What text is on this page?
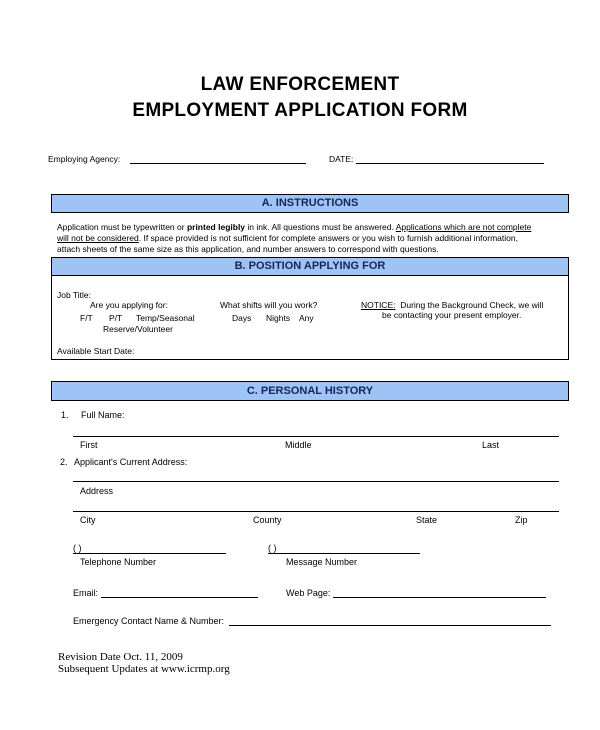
LAW ENFORCEMENT
EMPLOYMENT APPLICATION FORM
Employing Agency:	DATE:
A. INSTRUCTIONS
Application must be typewritten or printed legibly in ink. All questions must be answered. Applications which are not complete
will not be considered. If space provided is not sufficient for complete answers or you wish to furnish additional information,
attach sheets of the same size as this application, and number answers to correspond with questions.
B. POSITION APPLYING FOR
Job Title:
Are you applying for:
F/T P/T Temp/Seasonal
Reserve/Volunteer
What shifts will you work?
Days Nights Any
NOTICE: During the Background Check, we will
be contacting your present employer.
Available Start Date:
C. PERSONAL HISTORY
1. Full Name:
First	Middle	Last
2. Applicant's Current Address:
Address
City	County	State	Zip
( )
Telephone Number
( )
Message Number
Email:	Web Page:
Emergency Contact Name & Number:
Revision Date Oct. 11, 2009
Subsequent Updates at www.icrmp.org
